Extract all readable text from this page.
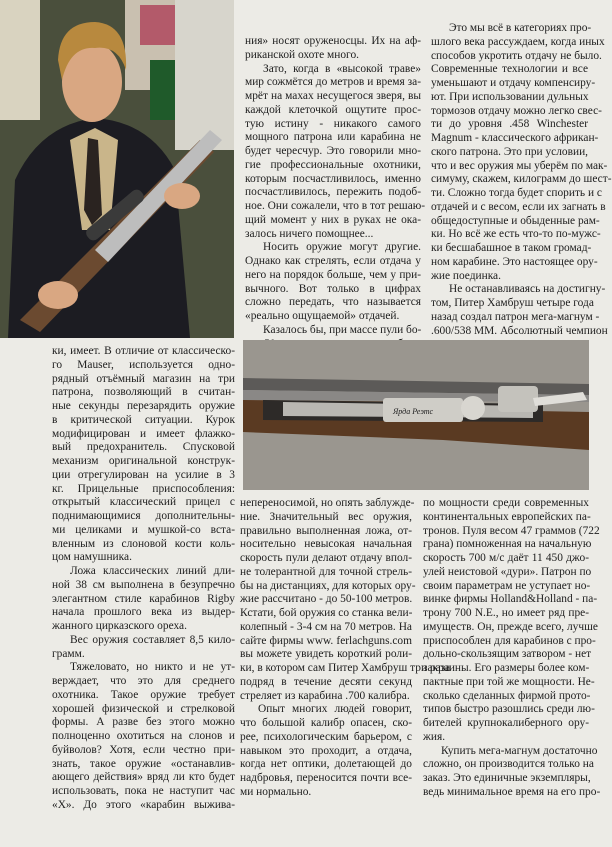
ния» носят оруженосцы. Их на аф-
риканской охоте много.
Зато, когда в «высокой траве»
мир сожмётся до метров и время за-
мрёт на махах несущегося зверя, вы
каждой клеточкой ощутите прос-
тую истину - никакого самого
мощного патрона или карабина не
будет чересчур. Это говорили мно-
гие профессиональные охотники,
которым посчастливилось, именно
посчастливилось, пережить подоб-
ное. Они сожалели, что в тот решаю-
щий момент у них в руках не ока-
залось ничего помощнее...
Носить оружие могут другие.
Однако как стрелять, если отдача у
него на порядок больше, чем у при-
вычного. Вот только в цифрах
сложно передать, что называется
«реально ощущаемой» отдачей.
Казалось бы, при массе пули бо-
Это мы всё в категориях про-
шлого века рассуждаем, когда иных
способов укротить отдачу не было.
Современные технологии и все
уменьшают и отдачу компенсиру-
ют. При использовании дульных
тормозов отдачу можно легко свес-
ти до уровня .458 Winchester
Magnum - классического африкан-
ского патрона. Это при условии,
что и вес оружия мы уберём по мак-
симуму, скажем, килограмм до шест-
ти. Сложно тогда будет спорить и с
отдачей и с весом, если их загнать в
общедоступные и обыденные рам-
ки. Но всё же есть что-то по-мужс-
ки бесшабашное в таком громад-
ном карабине. Это настоящее ору-
жие поединка.
Не останавливаясь на достигну-
том, Питер Хамбруш четыре года
назад создал патрон мега-магнум -
.600/538 ММ. Абсолютный чемпион
Ярда Реэтс
ки, имеет. В отличие от классическо-
го Mauser, используется одно-
рядный отъёмный магазин на три
патрона, позволяющий в считан-
ные секунды перезарядить оружие
в критической ситуации. Курок
модифицирован и имеет флажко-
вый предохранитель. Спусковой
механизм оригинальной конструк-
ции отрегулирован на усилие в 3
кг. Прицельные приспособления:
открытый классический прицел с
поднимающимися дополнительны-
ми целиками и мушкой-со вста-
вленным из слоновой кости коль-
цом намушника.
Ложа классических линий дли-
ной 38 см выполнена в безупречно
элегантном стиле карабинов Rigby
начала прошлого века из выдер-
жанного цирказского ореха.
Вес оружия составляет 8,5 кило-
грамм.
Тяжеловато, но никто и не ут-
верждает, что это для среднего
охотника. Такое оружие требует
хорошей физической и стрелковой
формы. А разве без этого можно
полноценно охотиться на слонов и
буйволов? Хотя, если честно при-
знать, такое оружие «останавлив-
ающего действия» вряд ли кто будет
использовать, пока не наступит час
«X». До этого «карабин выжива-
непереносимой, но опять заблужде-
ние. Значительный вес оружия,
правильно выполненная ложа, от-
носительно невысокая начальная
скорость пули делают отдачу впол-
не толерантной для точной стрель-
бы на дистанциях, для которых ору-
жие рассчитано - до 50-100 метров.
Кстати, бой оружия со станка вели-
колепный - 3-4 см на 70 метров. На
сайте фирмы www. ferlachguns.com
вы можете увидеть короткий роли-
ки, в котором сам Питер Хамбруш три раза
подряд в течение десяти секунд
стреляет из карабина .700 калибра.
Опыт многих людей говорит,
что большой калибр опасен, ско-
рее, психологическим барьером, с
навыком это проходит, а отдача,
когда нет оптики, долетающей до
надбровья, переносится почти все-
ми нормально.
по мощности среди современных
континентальных европейских па-
тронов. Пуля весом 47 граммов (722
грана) помноженная на начальную
скорость 700 м/с даёт 11 450 джо-
улей неистовой «дури». Патрон по
своим параметрам не уступает но-
винке фирмы Holland&Holland - па-
трону 700 N.E., но имеет ряд пре-
имуществ. Он, прежде всего, лучше
приспособлен для карабинов с про-
дольно-скользящим затвором - нет
закраины. Его размеры более ком-
пактные при той же мощности. Не-
сколько сделанных фирмой прото-
типов быстро разошлись среди лю-
бителей крупнокалиберного ору-
жия.
Купить мега-магнум достаточно
сложно, он производится только на
заказ. Это единичные экземпляры,
ведь минимальное время на его про-
